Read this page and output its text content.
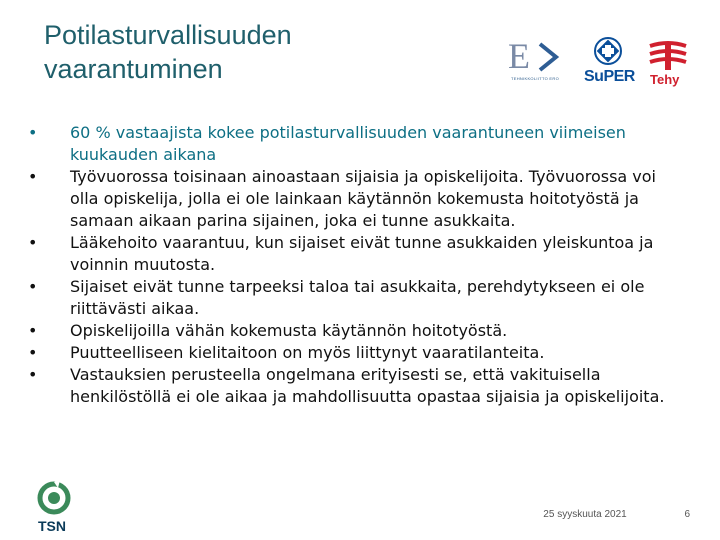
Potilasturvallisuuden
vaarantuminen	E
TEHNIKKOLIITTO ERO	SuPER Tehy
• 60 % vastaajista kokee potilasturvallisuuden vaarantuneen viimeisen kuukauden aikana
• Työvuorossa toisinaan ainoastaan sijaisia ja opiskelijoita. Työvuorossa voi olla opiskelija, jolla ei ole lainkaan käytännön kokemusta hoitotyöstä ja samaan aikaan parina sijainen, joka ei tunne asukkaita.
• Lääkehoito vaarantuu, kun sijaiset eivät tunne asukkaiden yleiskuntoa ja voinnin muutosta.
• Sijaiset eivät tunne tarpeeksi taloa tai asukkaita, perehdytykseen ei ole riittävästi aikaa.
• Opiskelijoilla vähän kokemusta käytännön hoitotyöstä.
• Puutteelliseen kielitaitoon on myös liittynyt vaaratilanteita.
• Vastauksien perusteella ongelmana erityisesti se, että vakituisella henkilöstöllä ei ole aikaa ja mahdollisuutta opastaa sijaisia ja opiskelijoita.
TSN
25 syyskuuta 2021	6
